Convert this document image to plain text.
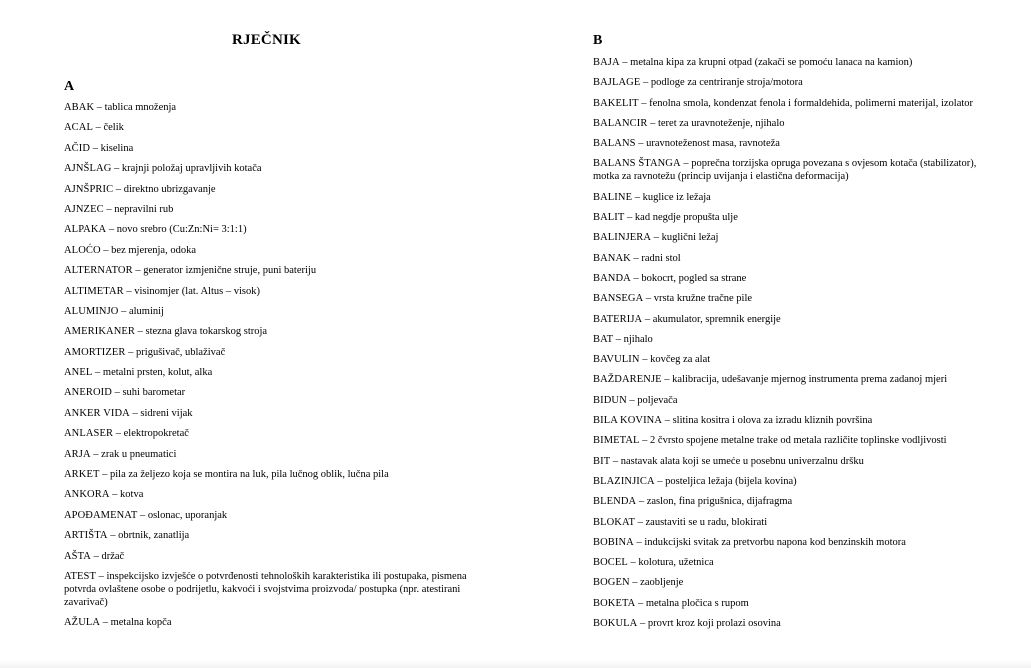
RJEČNIK
A
ABAK – tablica množenja
ACAL – čelik
AČID – kiselina
AJNŠLAG – krajnji položaj upravljivih kotača
AJNŠPRIC – direktno ubrizgavanje
AJNZEC – nepravilni rub
ALPAKA – novo srebro (Cu:Zn:Ni= 3:1:1)
ALOĆO – bez mjerenja, odoka
ALTERNATOR – generator izmjenične struje, puni bateriju
ALTIMETAR – visinomjer (lat. Altus – visok)
ALUMINJO – aluminij
AMERIKANER – stezna glava tokarskog stroja
AMORTIZER – prigušivač, ublaživač
ANEL – metalni prsten, kolut, alka
ANEROID – suhi barometar
ANKER VIDA – sidreni vijak
ANLASER – elektropokretač
ARJA – zrak u pneumatici
ARKET – pila za željezo koja se montira na luk, pila lučnog oblik, lučna pila
ANKORA – kotva
APOĐAMENAT – oslonac, uporanjak
ARTIŠTA – obrtnik, zanatlija
AŠTA – držač
ATEST – inspekcijsko izvješće o potvrđenosti tehnoloških karakteristika ili postupaka, pismena potvrda ovlaštene osobe o podrijetlu, kakvoći i svojstvima proizvoda/ postupka (npr. atestirani zavarivač)
AŽULA – metalna kopča
B
BAJA – metalna kipa za krupni otpad (zakači se pomoću lanaca na kamion)
BAJLAGE – podloge za centriranje stroja/motora
BAKELIT – fenolna smola, kondenzat fenola i formaldehida, polimerni materijal, izolator
BALANCIR – teret za uravnoteženje, njihalo
BALANS – uravnoteženost masa, ravnoteža
BALANS ŠTANGA – poprečna torzijska opruga povezana s ovjesom kotača (stabilizator), motka za ravnotežu (princip uvijanja i elastična deformacija)
BALINE – kuglice iz ležaja
BALIT – kad negdje propušta ulje
BALINJERA – kuglični ležaj
BANAK – radni stol
BANDA – bokocrt, pogled sa strane
BANSEGA – vrsta kružne tračne pile
BATERIJA – akumulator, spremnik energije
BAT – njihalo
BAVULIN – kovčeg za alat
BAŽDARENJE – kalibracija, udešavanje mjernog instrumenta prema zadanoj mjeri
BIDUN – poljevača
BILA KOVINA – slitina kositra i olova za izradu kliznih površina
BIMETAL – 2 čvrsto spojene metalne trake od metala različite toplinske vodljivosti
BIT – nastavak alata koji se umeće u posebnu univerzalnu dršku
BLAZINJICA – posteljica ležaja (bijela kovina)
BLENDA – zaslon, fina prigušnica, dijafragma
BLOKAT – zaustaviti se u radu, blokirati
BOBINA – indukcijski svitak za pretvorbu napona kod benzinskih motora
BOCEL – kolotura, užetnica
BOGEN – zaobljenje
BOKETA – metalna pločica s rupom
BOKULA – provrt kroz koji prolazi osovina
